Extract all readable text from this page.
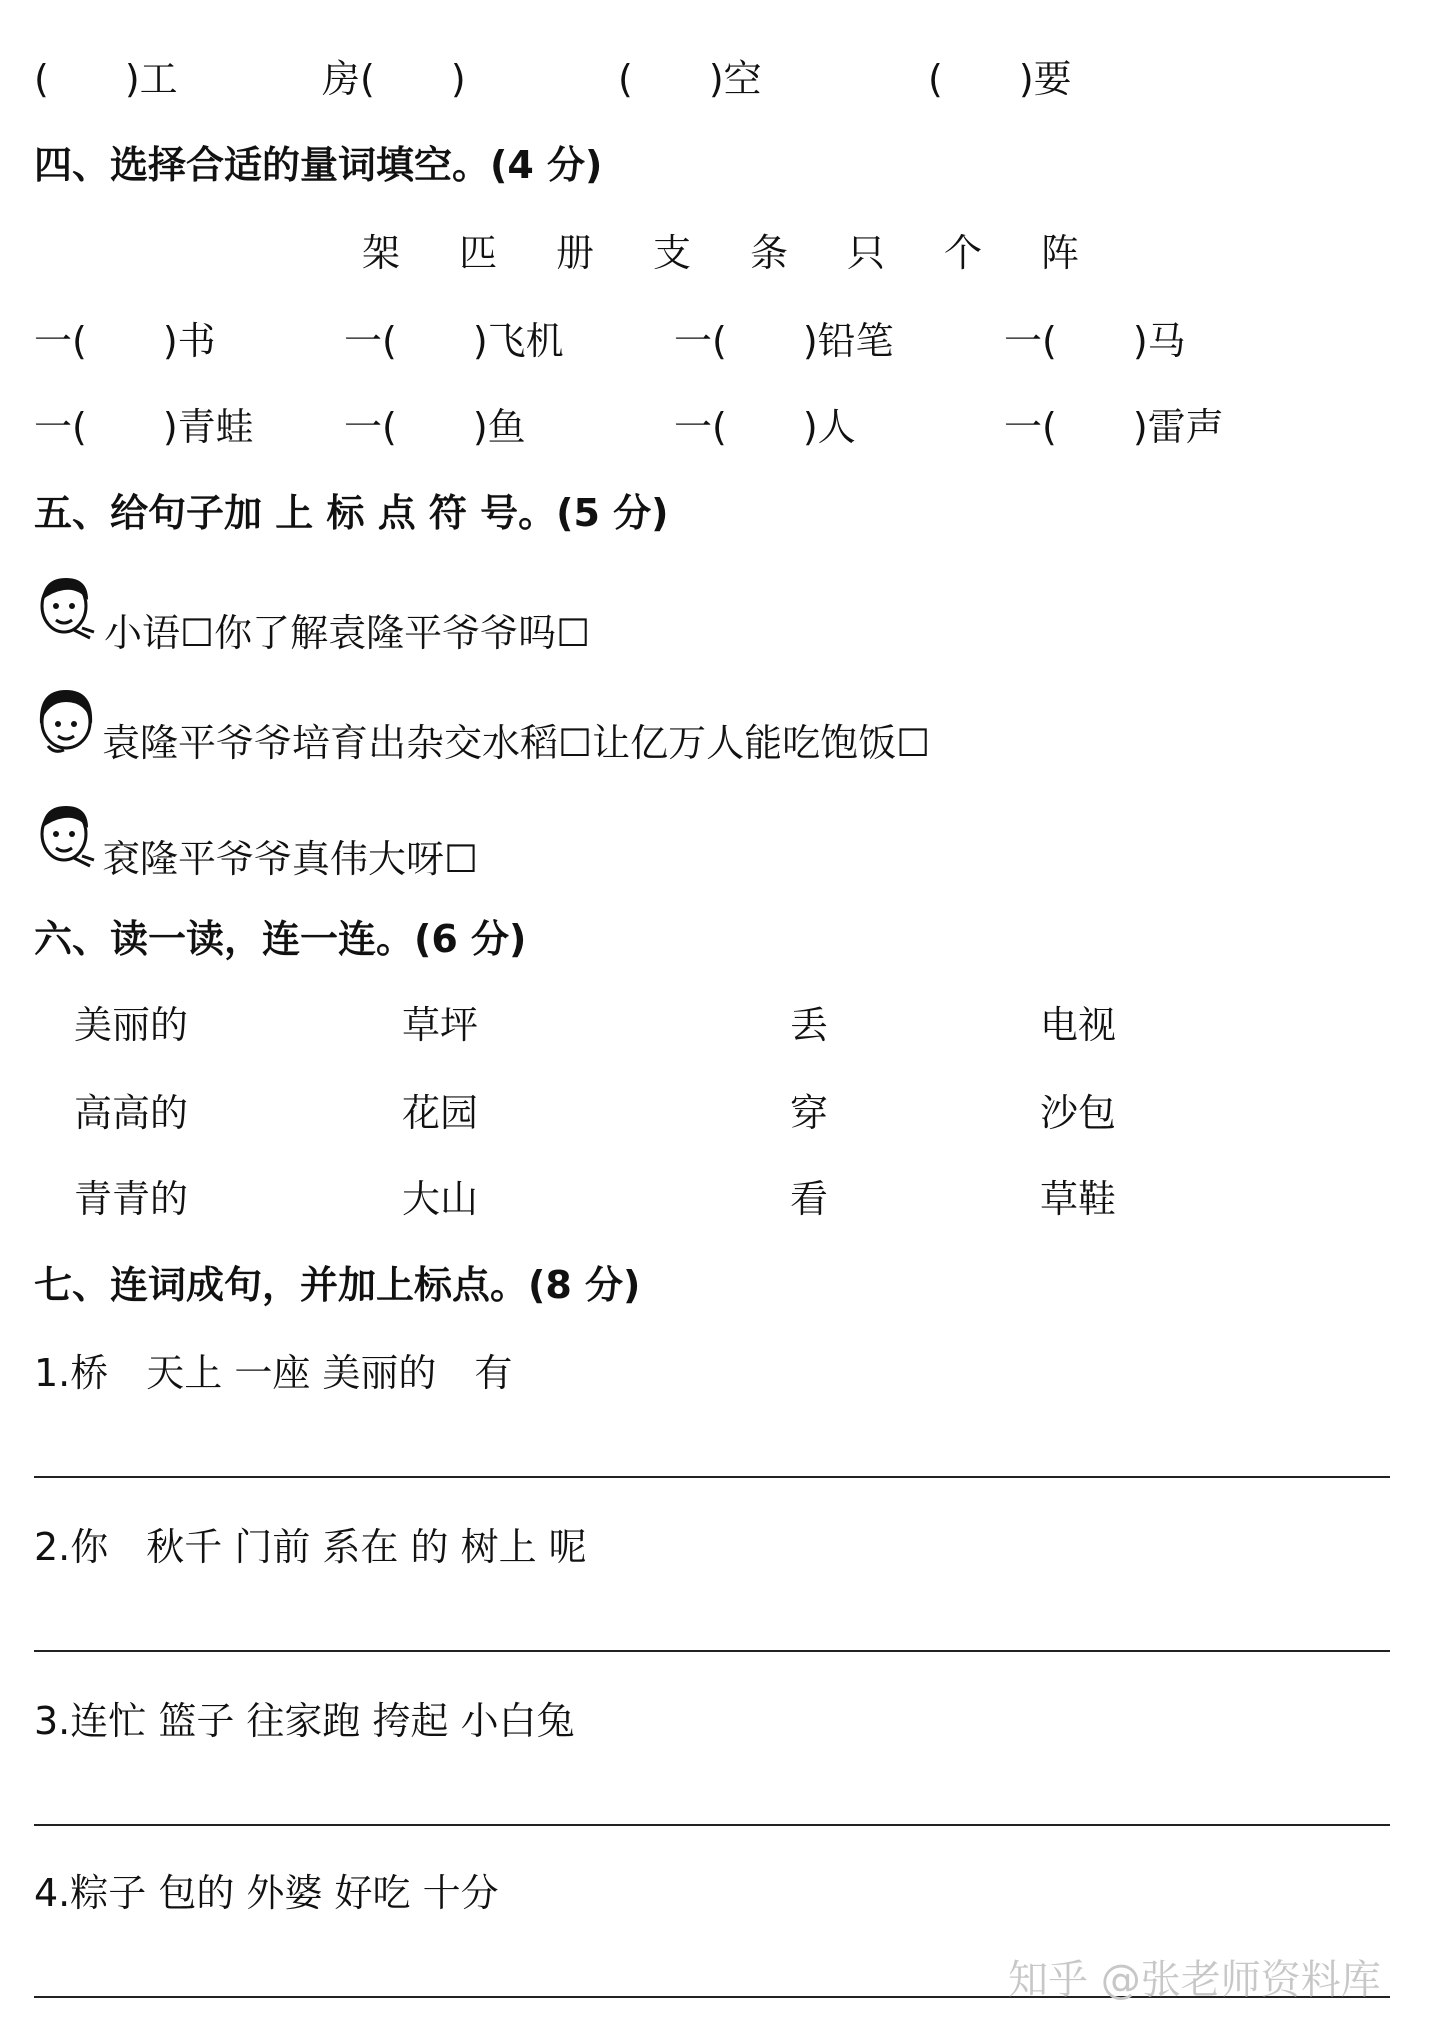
(　　)工	房(　　)	(　　)空	(　　)要
四、选择合适的量词填空。(4 分)
架 匹 册 支 条 只 个 阵
一(　　)书	一(　　)飞机	一(　　)铅笔	一(　　)马
一(　　)青蛙 一(　　)鱼	一(　　)人	一(　　)雷声
五、给句子加 上 标 点 符 号。(5 分)
小语☐你了解袁隆平爷爷吗☐
袁隆平爷爷培育出杂交水稻☐让亿万人能吃饱饭☐
袞隆平爷爷真伟大呀☐
六、读一读，连一连。(6 分)
美丽的	草坪	丢	电视
高高的	花园	穿	沙包
青青的	大山	看	草鞋
七、连词成句，并加上标点。(8 分)
1.桥　天上 一座 美丽的　有
2.你　秋千 门前 系在 的 树上 呢
3.连忙 篮子 往家跑 挎起 小白兔
4.粽子 包的 外婆 好吃 十分
知乎 @张老师资料库
